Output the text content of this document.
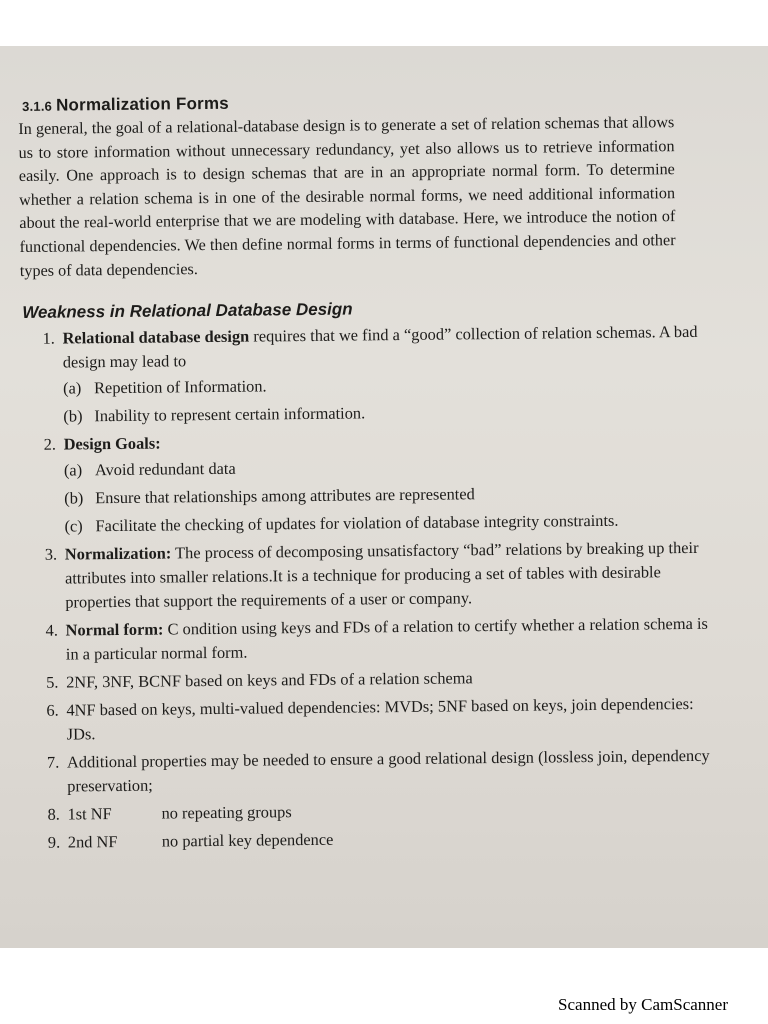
3.1.6 Normalization Forms

In general, the goal of a relational-database design is to generate a set of relation schemas that allows us to store information without unnecessary redundancy, yet also allows us to retrieve information easily. One approach is to design schemas that are in an appropriate normal form. To determine whether a relation schema is in one of the desirable normal forms, we need additional information about the real-world enterprise that we are modeling with database. Here, we introduce the notion of functional dependencies. We then define normal forms in terms of functional dependencies and other types of data dependencies.

Weakness in Relational Database Design
1. Relational database design requires that we find a “good” collection of relation schemas. A bad design may lead to
(a) Repetition of Information.
(b) Inability to represent certain information.
2. Design Goals:
(a) Avoid redundant data
(b) Ensure that relationships among attributes are represented
(c) Facilitate the checking of updates for violation of database integrity constraints.
3. Normalization: The process of decomposing unsatisfactory “bad” relations by breaking up their attributes into smaller relations.It is a technique for producing a set of tables with desirable properties that support the requirements of a user or company.
4. Normal form: C ondition using keys and FDs of a relation to certify whether a relation schema is in a particular normal form.
5. 2NF, 3NF, BCNF based on keys and FDs of a relation schema
6. 4NF based on keys, multi-valued dependencies: MVDs; 5NF based on keys, join dependencies: JDs.
7. Additional properties may be needed to ensure a good relational design (lossless join, dependency preservation;
8. 1st NF	no repeating groups
9. 2nd NF	no partial key dependence
Scanned by CamScanner
